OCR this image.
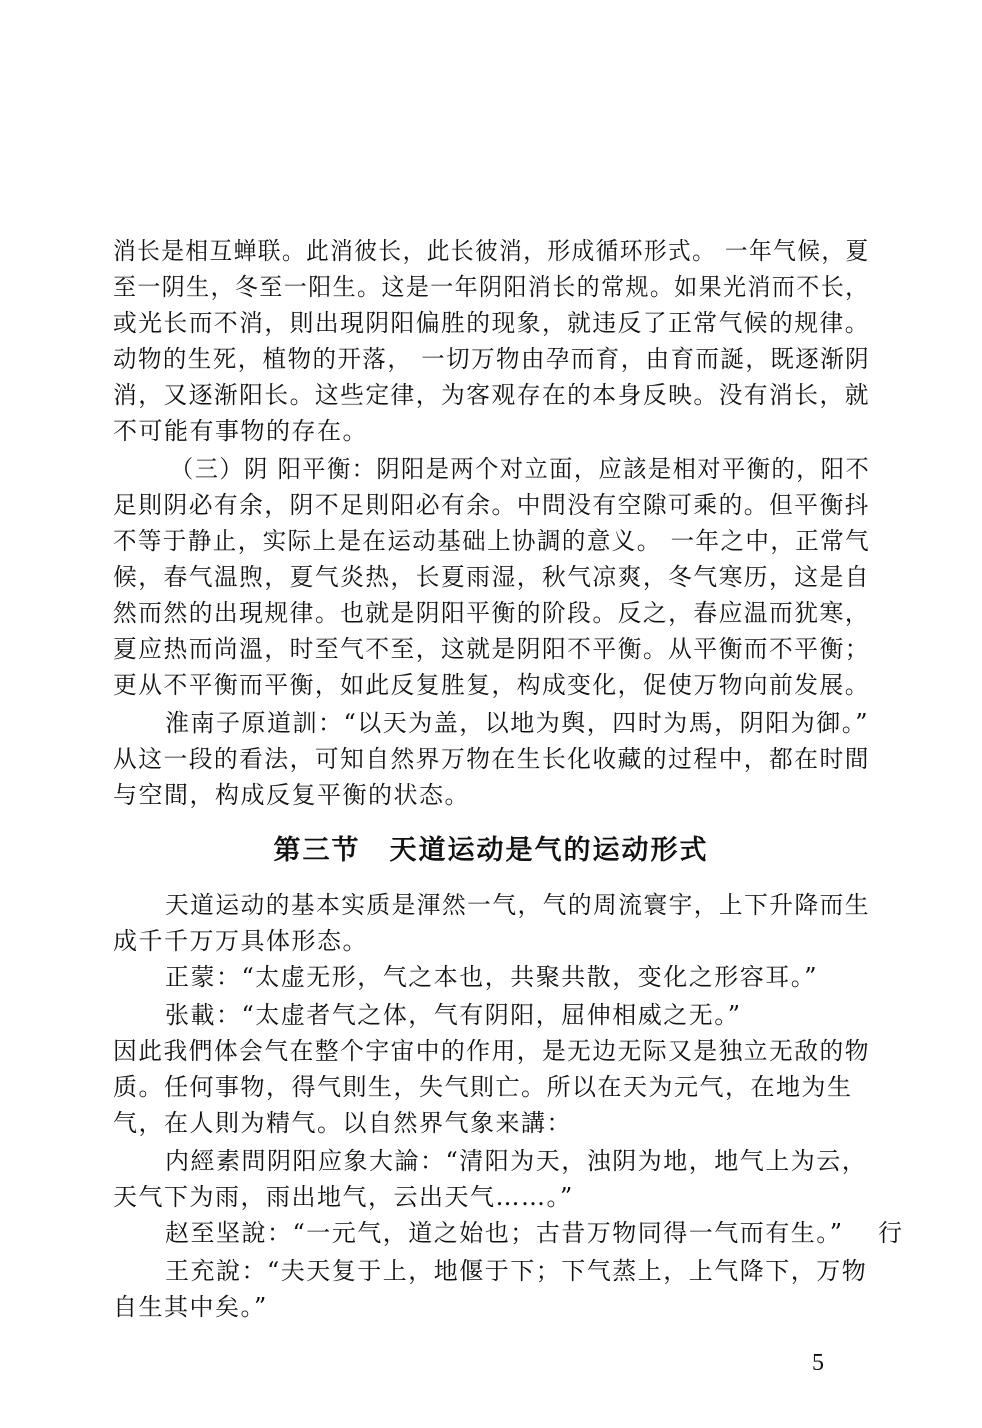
消长是相互蝉联。此消彼长，此长彼消，形成循环形式。 一年气候，夏
至一阴生，冬至一阳生。这是一年阴阳消长的常规。如果光消而不长，
或光长而不消，則出現阴阳偏胜的现象，就违反了正常气候的规律。
动物的生死，植物的开落， 一切万物由孕而育，由育而誕，既逐渐阴
消，又逐渐阳长。这些定律，为客观存在的本身反映。没有消长，就
不可能有事物的存在。
（三）阴 阳平衡：阴阳是两个对立面，应該是相对平衡的，阳不
足則阴必有余，阴不足則阳必有余。中問没有空隙可乘的。但平衡抖
不等于静止，实际上是在运动基础上协調的意义。 一年之中，正常气
候，春气温煦，夏气炎热，长夏雨湿，秋气凉爽，冬气寒历，这是自
然而然的出現规律。也就是阴阳平衡的阶段。反之，春应温而犹寒，
夏应热而尚溫，时至气不至，这就是阴阳不平衡。从平衡而不平衡；
更从不平衡而平衡，如此反复胜复，构成变化，促使万物向前发展。
淮南子原道訓：“以天为盖，以地为舆，四时为馬，阴阳为御。”
从这一段的看法，可知自然界万物在生长化收藏的过程中，都在时間
与空間，构成反复平衡的状态。
第三节　天道运动是气的运动形式
天道运动的基本实质是渾然一气，气的周流寰宇，上下升降而生
成千千万万具体形态。
正蒙：“太虚无形，气之本也，共聚共散，变化之形容耳。”
张載：“太虚者气之体，气有阴阳，屈伸相威之无。”
因此我們体会气在整个宇宙中的作用，是无边无际又是独立无敌的物
质。任何事物，得气則生，失气則亡。所以在天为元气，在地为生
气，在人則为精气。以自然界气象来講：
内經素問阴阳应象大論：“清阳为天，浊阴为地，地气上为云，
天气下为雨，雨出地气，云出天气……。”
赵至坚說：“一元气，道之始也；古昔万物同得一气而有生。” 行
王充說：“夫天复于上，地偃于下；下气蒸上，上气降下，万物
自生其中矣。”
5
